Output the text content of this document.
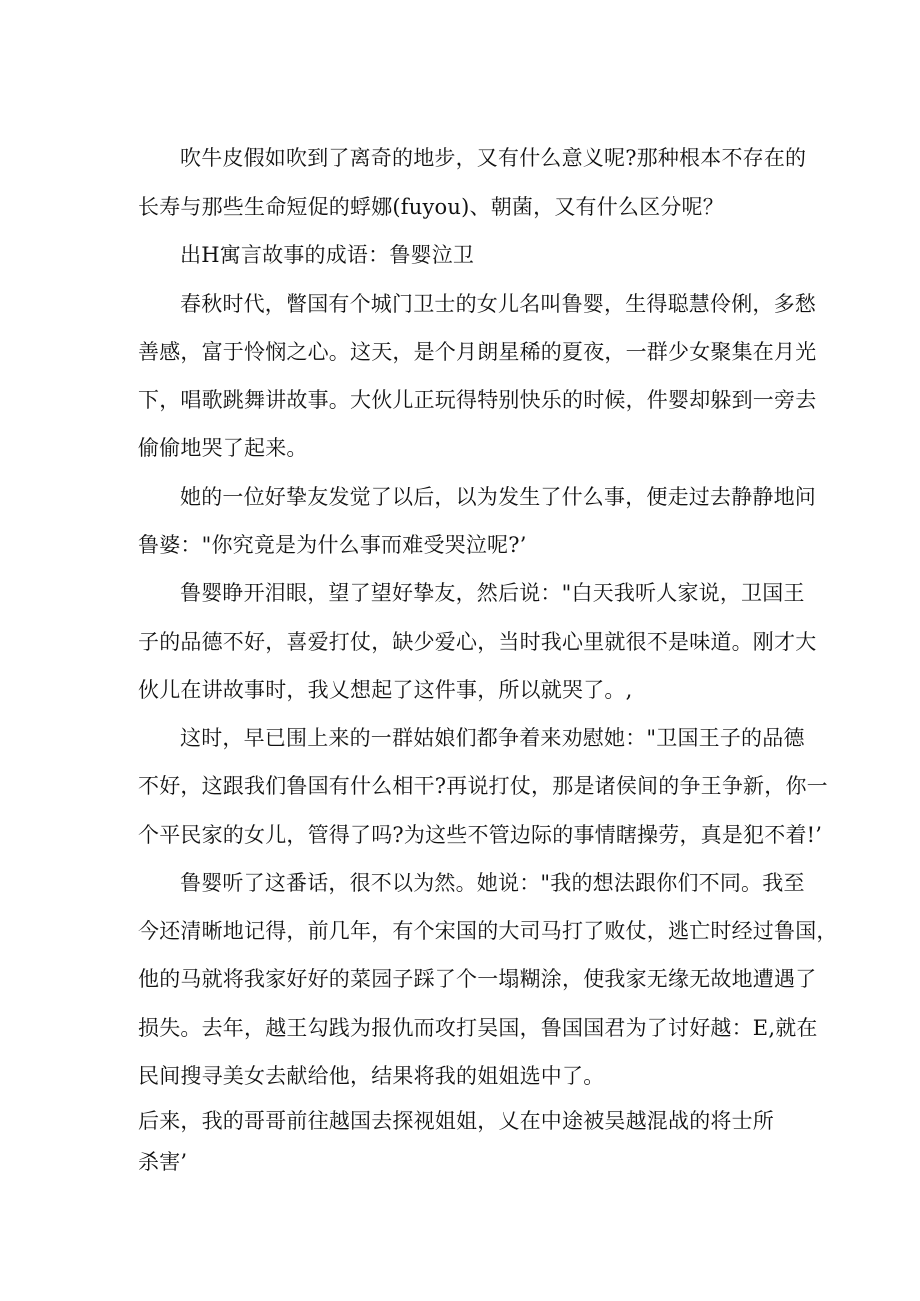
吹牛皮假如吹到了离奇的地步，又有什么意义呢?那种根本不存在的
长寿与那些生命短促的蜉娜(fuyou)、朝菌，又有什么区分呢？
出H寓言故事的成语：鲁婴泣卫
春秋时代，瞥国有个城门卫士的女儿名叫鲁婴，生得聪慧伶俐，多愁
善感，富于怜悯之心。这天，是个月朗星稀的夏夜，一群少女聚集在月光
下，唱歌跳舞讲故事。大伙儿正玩得特别快乐的时候，件婴却躲到一旁去
偷偷地哭了起来。
她的一位好挚友发觉了以后，以为发生了什么事，便走过去静静地问
鲁婆："你究竟是为什么事而难受哭泣呢?’
鲁婴睁开泪眼，望了望好挚友，然后说："白天我听人家说，卫国王
子的品德不好，喜爱打仗，缺少爱心，当时我心里就很不是味道。刚才大
伙儿在讲故事时，我乂想起了这件事，所以就哭了。,
这时，早已围上来的一群姑娘们都争着来劝慰她："卫国王子的品德
不好，这跟我们鲁国有什么相干?再说打仗，那是诸侯间的争王争新，你一
个平民家的女儿，管得了吗?为这些不管边际的事情瞎操劳，真是犯不着!’
鲁婴听了这番话，很不以为然。她说："我的想法跟你们不同。我至
今还清晰地记得，前几年，有个宋国的大司马打了败仗，逃亡时经过鲁国，
他的马就将我家好好的菜园子踩了个一塌糊涂，使我家无缘无故地遭遇了
损失。去年，越王勾践为报仇而攻打吴国，鲁国国君为了讨好越：E,就在
民间搜寻美女去献给他，结果将我的姐姐选中了。
后来，我的哥哥前往越国去探视姐姐，乂在中途被吴越混战的将士所
杀害’
